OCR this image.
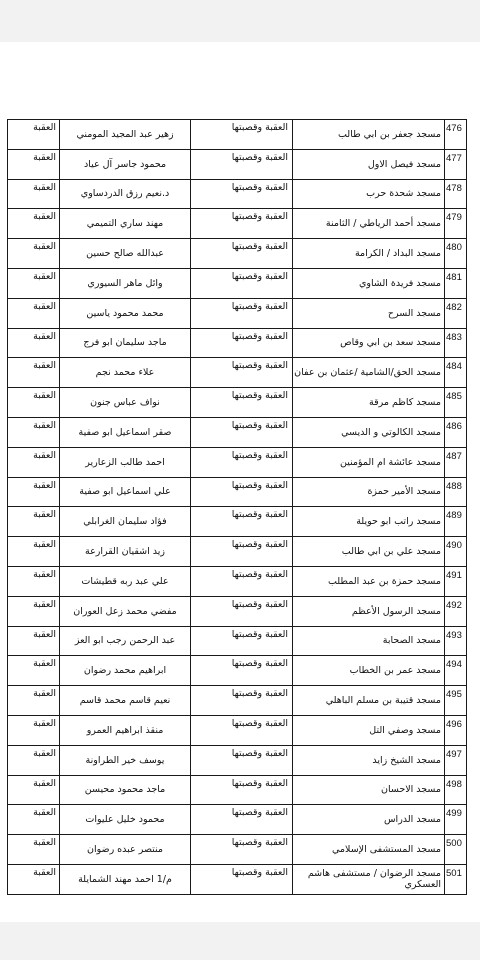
العقبة	زهير عبد المجيد المومني	العقبة وقصبتها	مسجد جعفر بن ابي طالب	476
العقبة	محمود جاسر آل عياد	العقبة وقصبتها	مسجد فيصل الاول	477
العقبة	د.نعيم رزق الدردساوي	العقبة وقصبتها	مسجد شحدة حرب	478
العقبة	مهند ساري التميمي	العقبة وقصبتها	مسجد أحمد الرياطي / الثامنة	479
العقبة	عبدالله صالح حسين	العقبة وقصبتها	مسجد البداد / الكرامة	480
العقبة	وائل ماهر السيوري	العقبة وقصبتها	مسجد فريدة الشاوي	481
العقبة	محمد محمود ياسين	العقبة وقصبتها	مسجد السرح	482
العقبة	ماجد سليمان ابو فرج	العقبة وقصبتها	مسجد سعد بن ابي وقاص	483
العقبة	علاء محمد نجم	العقبة وقصبتها	مسجد الحق/الشامية /عثمان بن عفان	484
العقبة	نواف عباس جنون	العقبة وقصبتها	مسجد كاظم مرقة	485
العقبة	صقر اسماعيل ابو صفية	العقبة وقصبتها	مسجد الكالوتي و الديسي	486
العقبة	احمد طالب الزعارير	العقبة وقصبتها	مسجد عائشة ام المؤمنين	487
العقبة	علي اسماعيل ابو صفية	العقبة وقصبتها	مسجد الأمير حمزة	488
العقبة	فؤاد سليمان الغرابلي	العقبة وقصبتها	مسجد راتب ابو حويلة	489
العقبة	زيد اشقيان القرارعة	العقبة وقصبتها	مسجد علي بن ابي طالب	490
العقبة	علي عبد ربه قطيشات	العقبة وقصبتها	مسجد حمزة بن عبد المطلب	491
العقبة	مفضي محمد زعل العوران	العقبة وقصبتها	مسجد الرسول الأعظم	492
العقبة	عبد الرحمن رجب ابو العز	العقبة وقصبتها	مسجد الصحابة	493
العقبة	ابراهيم محمد رضوان	العقبة وقصبتها	مسجد عمر بن الخطاب	494
العقبة	نعيم قاسم محمد قاسم	العقبة وقصبتها	مسجد قتيبة بن مسلم الباهلي	495
العقبة	منقذ ابراهيم العمرو	العقبة وقصبتها	مسجد وصفي التل	496
العقبة	يوسف خير الطراونة	العقبة وقصبتها	مسجد الشيخ زايد	497
العقبة	ماجد محمود محيسن	العقبة وقصبتها	مسجد الاحسان	498
العقبة	محمود خليل عليوات	العقبة وقصبتها	مسجد الدراس	499
العقبة	منتصر عبده رضوان	العقبة وقصبتها	مسجد المستشفى الإسلامي	500
العقبة	م/1 احمد مهند الشمايلة	العقبة وقصبتها	مسجد الرضوان / مستشفى هاشم العسكري	501
